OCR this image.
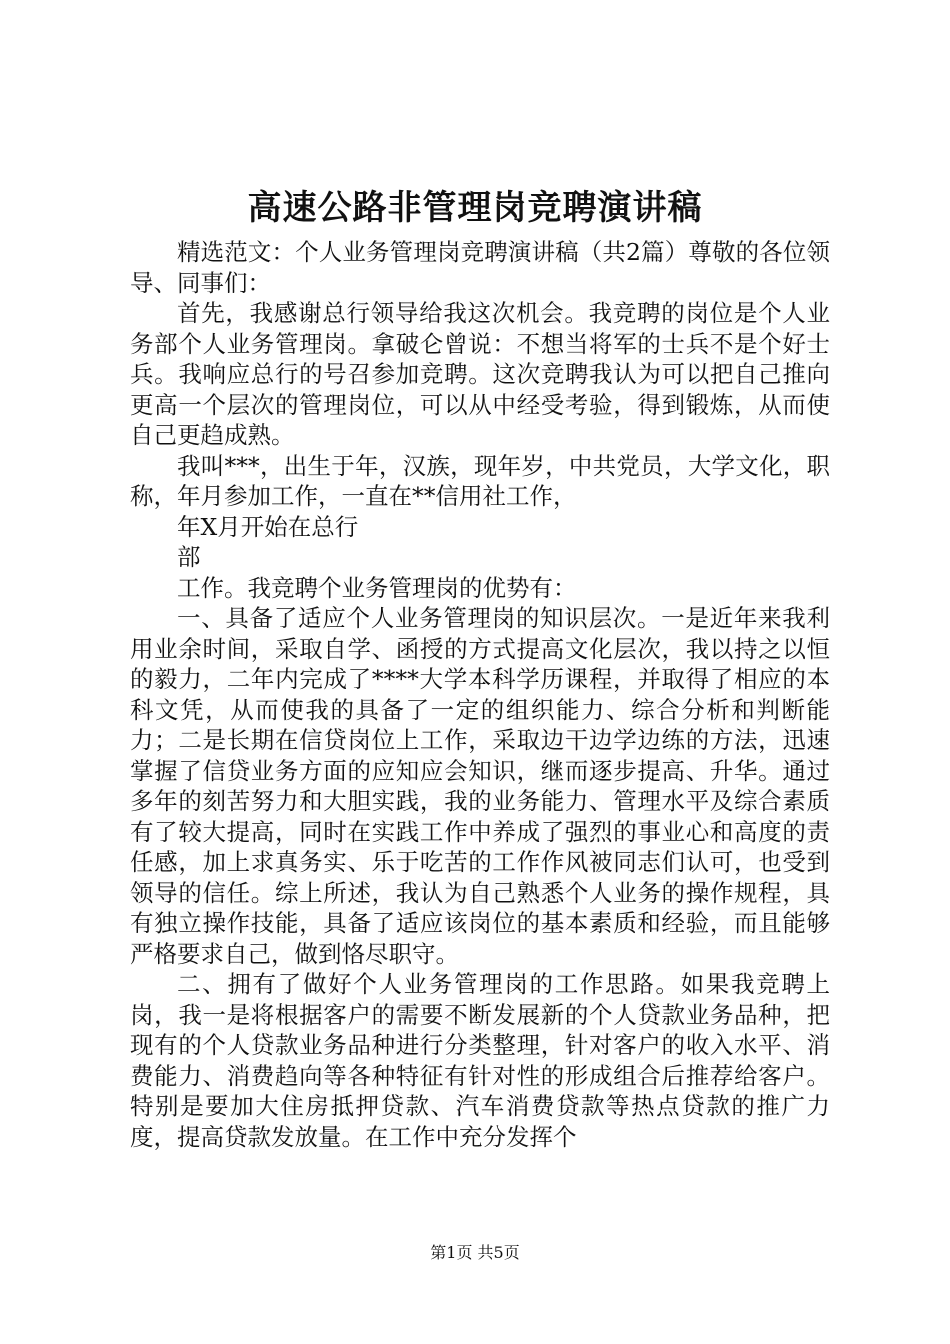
高速公路非管理岗竞聘演讲稿

精选范文：个人业务管理岗竞聘演讲稿（共2篇）尊敬的各位领导、同事们：

首先，我感谢总行领导给我这次机会。我竞聘的岗位是个人业务部个人业务管理岗。拿破仑曾说：不想当将军的士兵不是个好士兵。我响应总行的号召参加竞聘。这次竞聘我认为可以把自己推向更高一个层次的管理岗位，可以从中经受考验，得到锻炼，从而使自己更趋成熟。

我叫***，出生于年，汉族，现年岁，中共党员，大学文化，职称，年月参加工作，一直在**信用社工作，

年X月开始在总行

部

工作。我竞聘个业务管理岗的优势有：

一、具备了适应个人业务管理岗的知识层次。一是近年来我利用业余时间，采取自学、函授的方式提高文化层次，我以持之以恒的毅力，二年内完成了****大学本科学历课程，并取得了相应的本科文凭，从而使我的具备了一定的组织能力、综合分析和判断能力；二是长期在信贷岗位上工作，采取边干边学边练的方法，迅速掌握了信贷业务方面的应知应会知识，继而逐步提高、升华。通过多年的刻苦努力和大胆实践，我的业务能力、管理水平及综合素质有了较大提高，同时在实践工作中养成了强烈的事业心和高度的责任感，加上求真务实、乐于吃苦的工作作风被同志们认可，也受到领导的信任。综上所述，我认为自己熟悉个人业务的操作规程，具有独立操作技能，具备了适应该岗位的基本素质和经验，而且能够严格要求自己，做到恪尽职守。

二、拥有了做好个人业务管理岗的工作思路。如果我竞聘上岗，我一是将根据客户的需要不断发展新的个人贷款业务品种，把现有的个人贷款业务品种进行分类整理，针对客户的收入水平、消费能力、消费趋向等各种特征有针对性的形成组合后推荐给客户。特别是要加大住房抵押贷款、汽车消费贷款等热点贷款的推广力度，提高贷款发放量。在工作中充分发挥个

第1页 共5页
